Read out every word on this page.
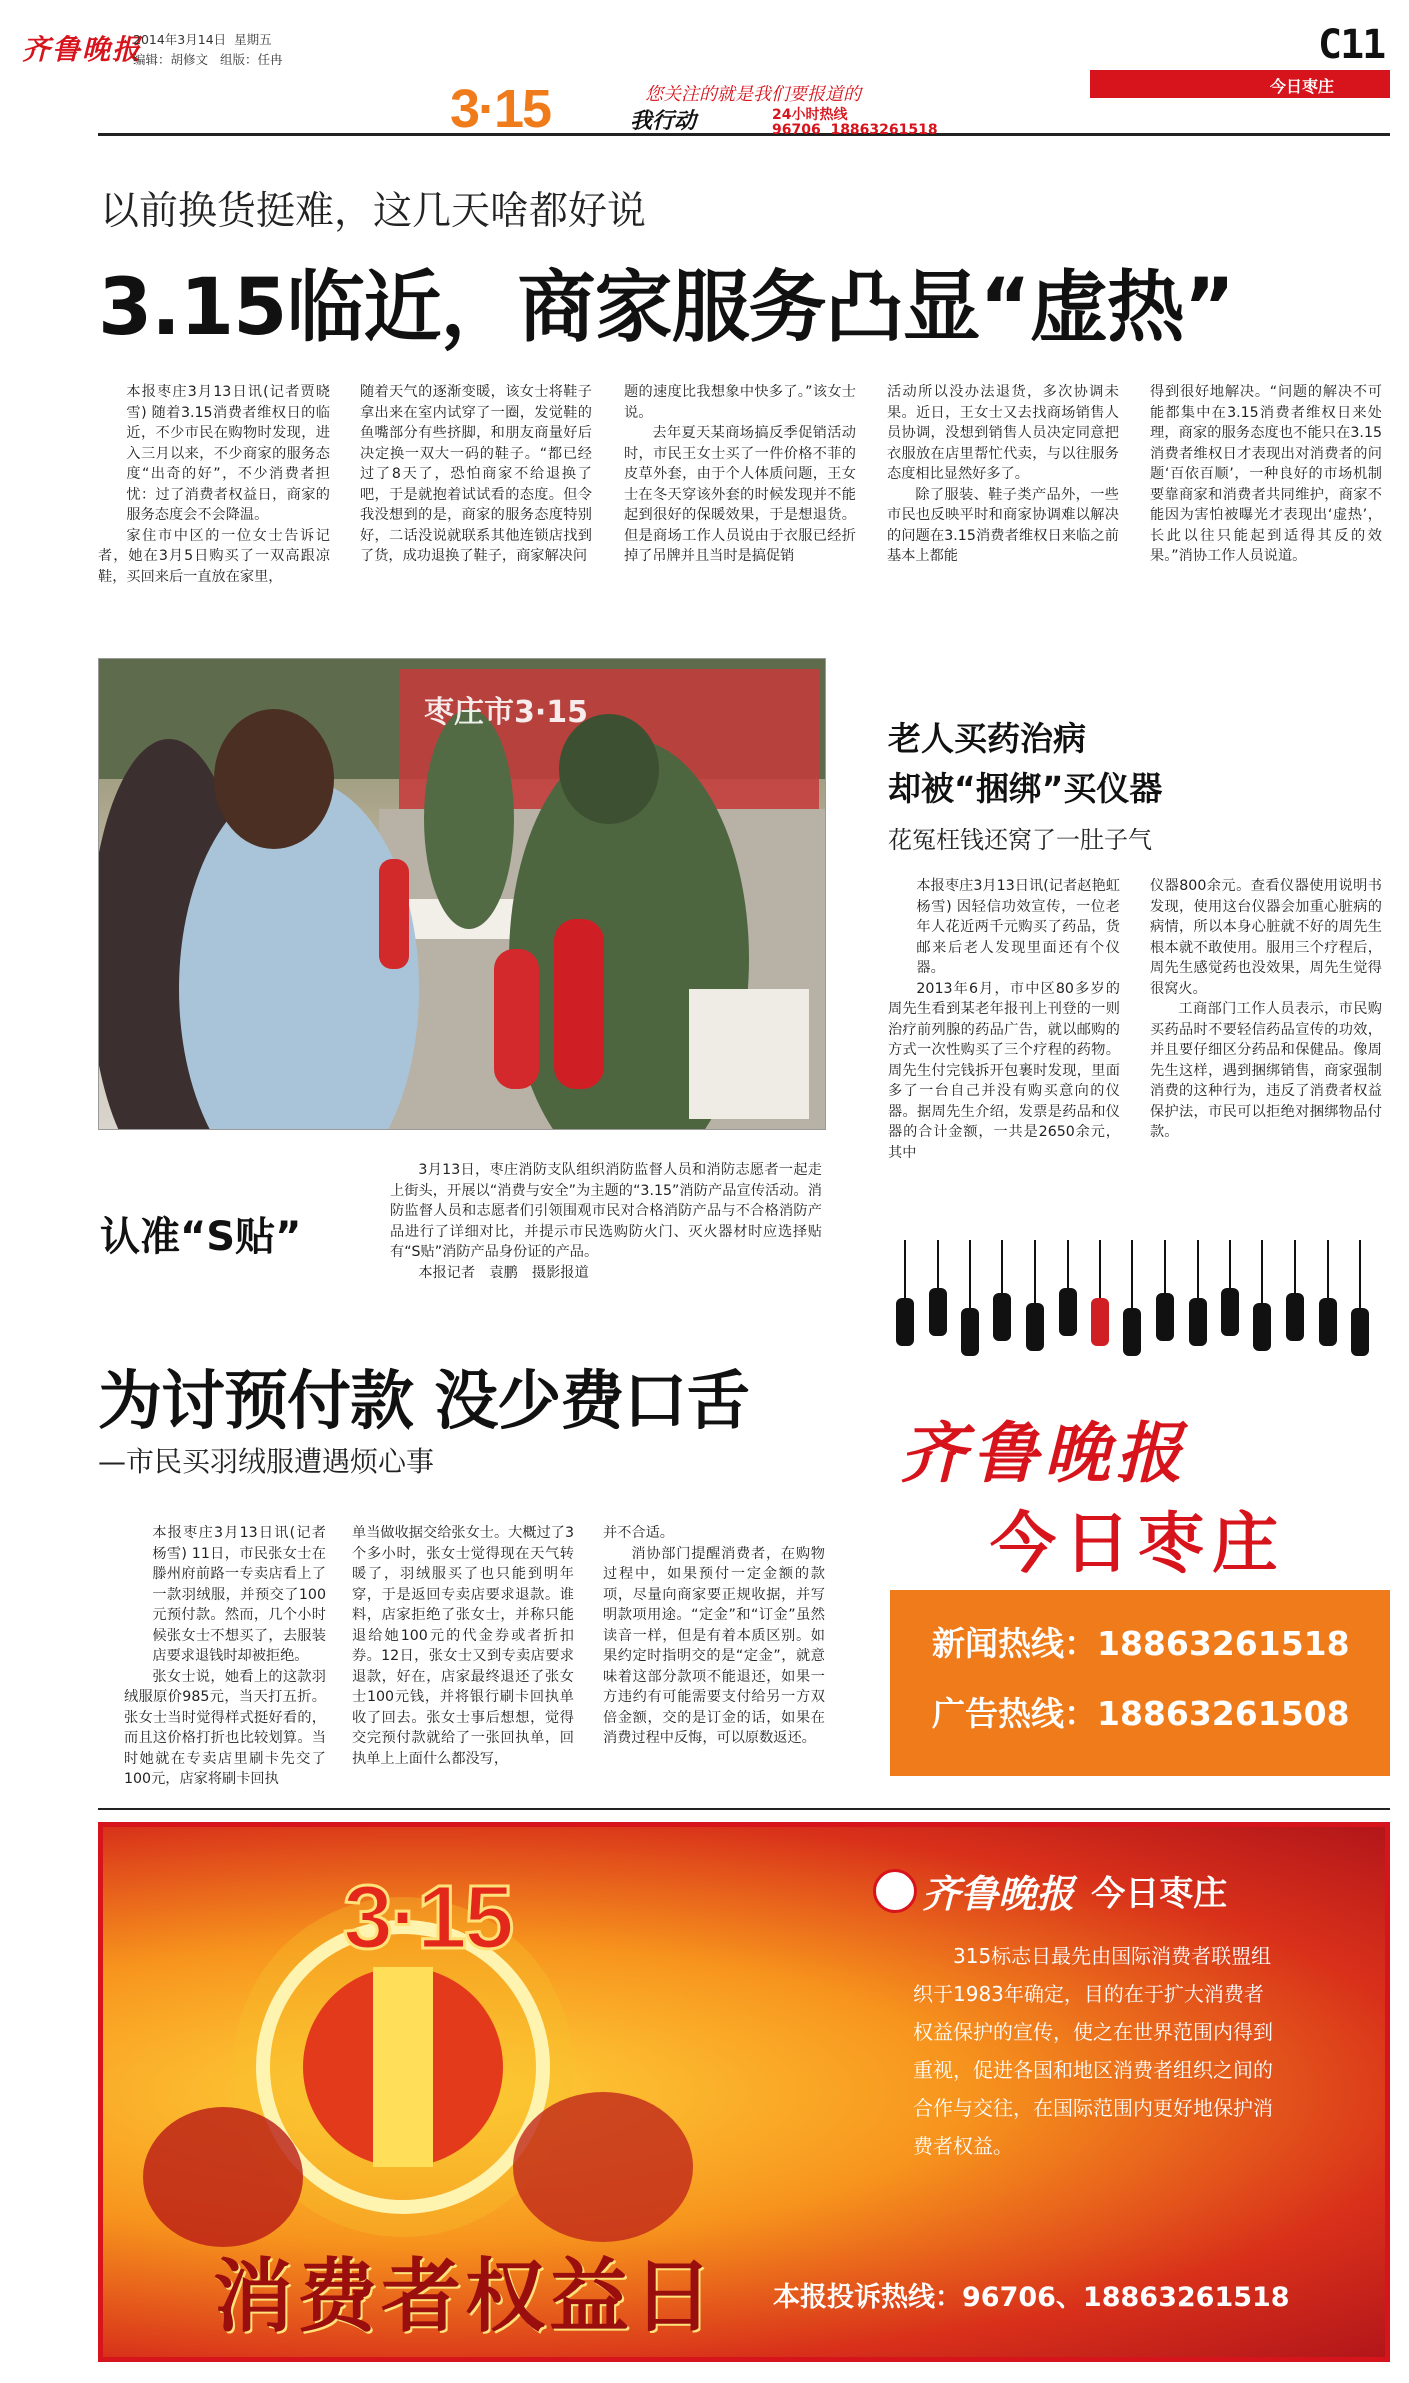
齐鲁晚报
2014年3月14日 星期五
编辑：胡修文 组版：任冉	C11
今日枣庄
3·15	您关注的就是我们要报道的
我行动	24小时热线
96706  18863261518
以前换货挺难，这几天啥都好说
3.15临近，商家服务凸显“虚热”

本报枣庄3月13日讯(记者贾晓雪) 随着3.15消费者维权日的临近，不少市民在购物时发现，进入三月以来，不少商家的服务态度“出奇的好”，不少消费者担忧：过了消费者权益日，商家的服务态度会不会降温。

家住市中区的一位女士告诉记者，她在3月5日购买了一双高跟凉鞋，买回来后一直放在家里，

随着天气的逐渐变暖，该女士将鞋子拿出来在室内试穿了一圈，发觉鞋的鱼嘴部分有些挤脚，和朋友商量好后决定换一双大一码的鞋子。“都已经过了8天了，恐怕商家不给退换了吧，于是就抱着试试看的态度。但令我没想到的是，商家的服务态度特别好，二话没说就联系其他连锁店找到了货，成功退换了鞋子，商家解决问

题的速度比我想象中快多了。”该女士说。

去年夏天某商场搞反季促销活动时，市民王女士买了一件价格不菲的皮草外套，由于个人体质问题，王女士在冬天穿该外套的时候发现并不能起到很好的保暖效果，于是想退货。但是商场工作人员说由于衣服已经折掉了吊牌并且当时是搞促销

活动所以没办法退货，多次协调未果。近日，王女士又去找商场销售人员协调，没想到销售人员决定同意把衣服放在店里帮忙代卖，与以往服务态度相比显然好多了。

除了服装、鞋子类产品外，一些市民也反映平时和商家协调难以解决的问题在3.15消费者维权日来临之前基本上都能

得到很好地解决。“问题的解决不可能都集中在3.15消费者维权日来处理，商家的服务态度也不能只在3.15消费者维权日才表现出对消费者的问题‘百依百顺’，一种良好的市场机制要靠商家和消费者共同维护，商家不能因为害怕被曝光才表现出‘虚热’，长此以往只能起到适得其反的效果。”消协工作人员说道。

枣庄市3·15
认准“S贴”

3月13日，枣庄消防支队组织消防监督人员和消防志愿者一起走上街头，开展以“消费与安全”为主题的“3.15”消防产品宣传活动。消防监督人员和志愿者们引领围观市民对合格消防产品与不合格消防产品进行了详细对比，并提示市民选购防火门、灭火器材时应选择贴有“S贴”消防产品身份证的产品。

本报记者　袁鹏　摄影报道

老人买药治病
却被“捆绑”买仪器
花冤枉钱还窝了一肚子气

本报枣庄3月13日讯(记者赵艳虹　杨雪) 因轻信功效宣传，一位老年人花近两千元购买了药品，货邮来后老人发现里面还有个仪器。

2013年6月，市中区80多岁的周先生看到某老年报刊上刊登的一则治疗前列腺的药品广告，就以邮购的方式一次性购买了三个疗程的药物。周先生付完钱拆开包裹时发现，里面多了一台自己并没有购买意向的仪器。据周先生介绍，发票是药品和仪器的合计金额，一共是2650余元，其中

仪器800余元。查看仪器使用说明书发现，使用这台仪器会加重心脏病的病情，所以本身心脏就不好的周先生根本就不敢使用。服用三个疗程后，周先生感觉药也没效果，周先生觉得很窝火。

工商部门工作人员表示，市民购买药品时不要轻信药品宣传的功效，并且要仔细区分药品和保健品。像周先生这样，遇到捆绑销售，商家强制消费的这种行为，违反了消费者权益保护法，市民可以拒绝对捆绑物品付款。

为讨预付款 没少费口舌
—市民买羽绒服遭遇烦心事

本报枣庄3月13日讯(记者杨雪) 11日，市民张女士在滕州府前路一专卖店看上了一款羽绒服，并预交了100元预付款。然而，几个小时候张女士不想买了，去服装店要求退钱时却被拒绝。

张女士说，她看上的这款羽绒服原价985元，当天打五折。张女士当时觉得样式挺好看的，而且这价格打折也比较划算。当时她就在专卖店里刷卡先交了100元，店家将刷卡回执

单当做收据交给张女士。大概过了3个多小时，张女士觉得现在天气转暖了，羽绒服买了也只能到明年穿，于是返回专卖店要求退款。谁料，店家拒绝了张女士，并称只能退给她100元的代金券或者折扣券。12日，张女士又到专卖店要求退款，好在，店家最终退还了张女士100元钱，并将银行刷卡回执单收了回去。张女士事后想想，觉得交完预付款就给了一张回执单，回执单上上面什么都没写，

并不合适。

消协部门提醒消费者，在购物过程中，如果预付一定金额的款项，尽量向商家要正规收据，并写明款项用途。“定金”和“订金”虽然读音一样，但是有着本质区别。如果约定时指明交的是“定金”，就意味着这部分款项不能退还，如果一方违约有可能需要支付给另一方双倍金额，交的是订金的话，如果在消费过程中反悔，可以原数返还。

齐鲁晚报
今日枣庄
新闻热线：18863261518
广告热线：18863261508
3·15
消费者权益日
齐鲁晚报 今日枣庄
315标志日最先由国际消费者联盟组织于1983年确定，目的在于扩大消费者权益保护的宣传，使之在世界范围内得到重视，促进各国和地区消费者组织之间的合作与交往，在国际范围内更好地保护消费者权益。
本报投诉热线：96706、18863261518
